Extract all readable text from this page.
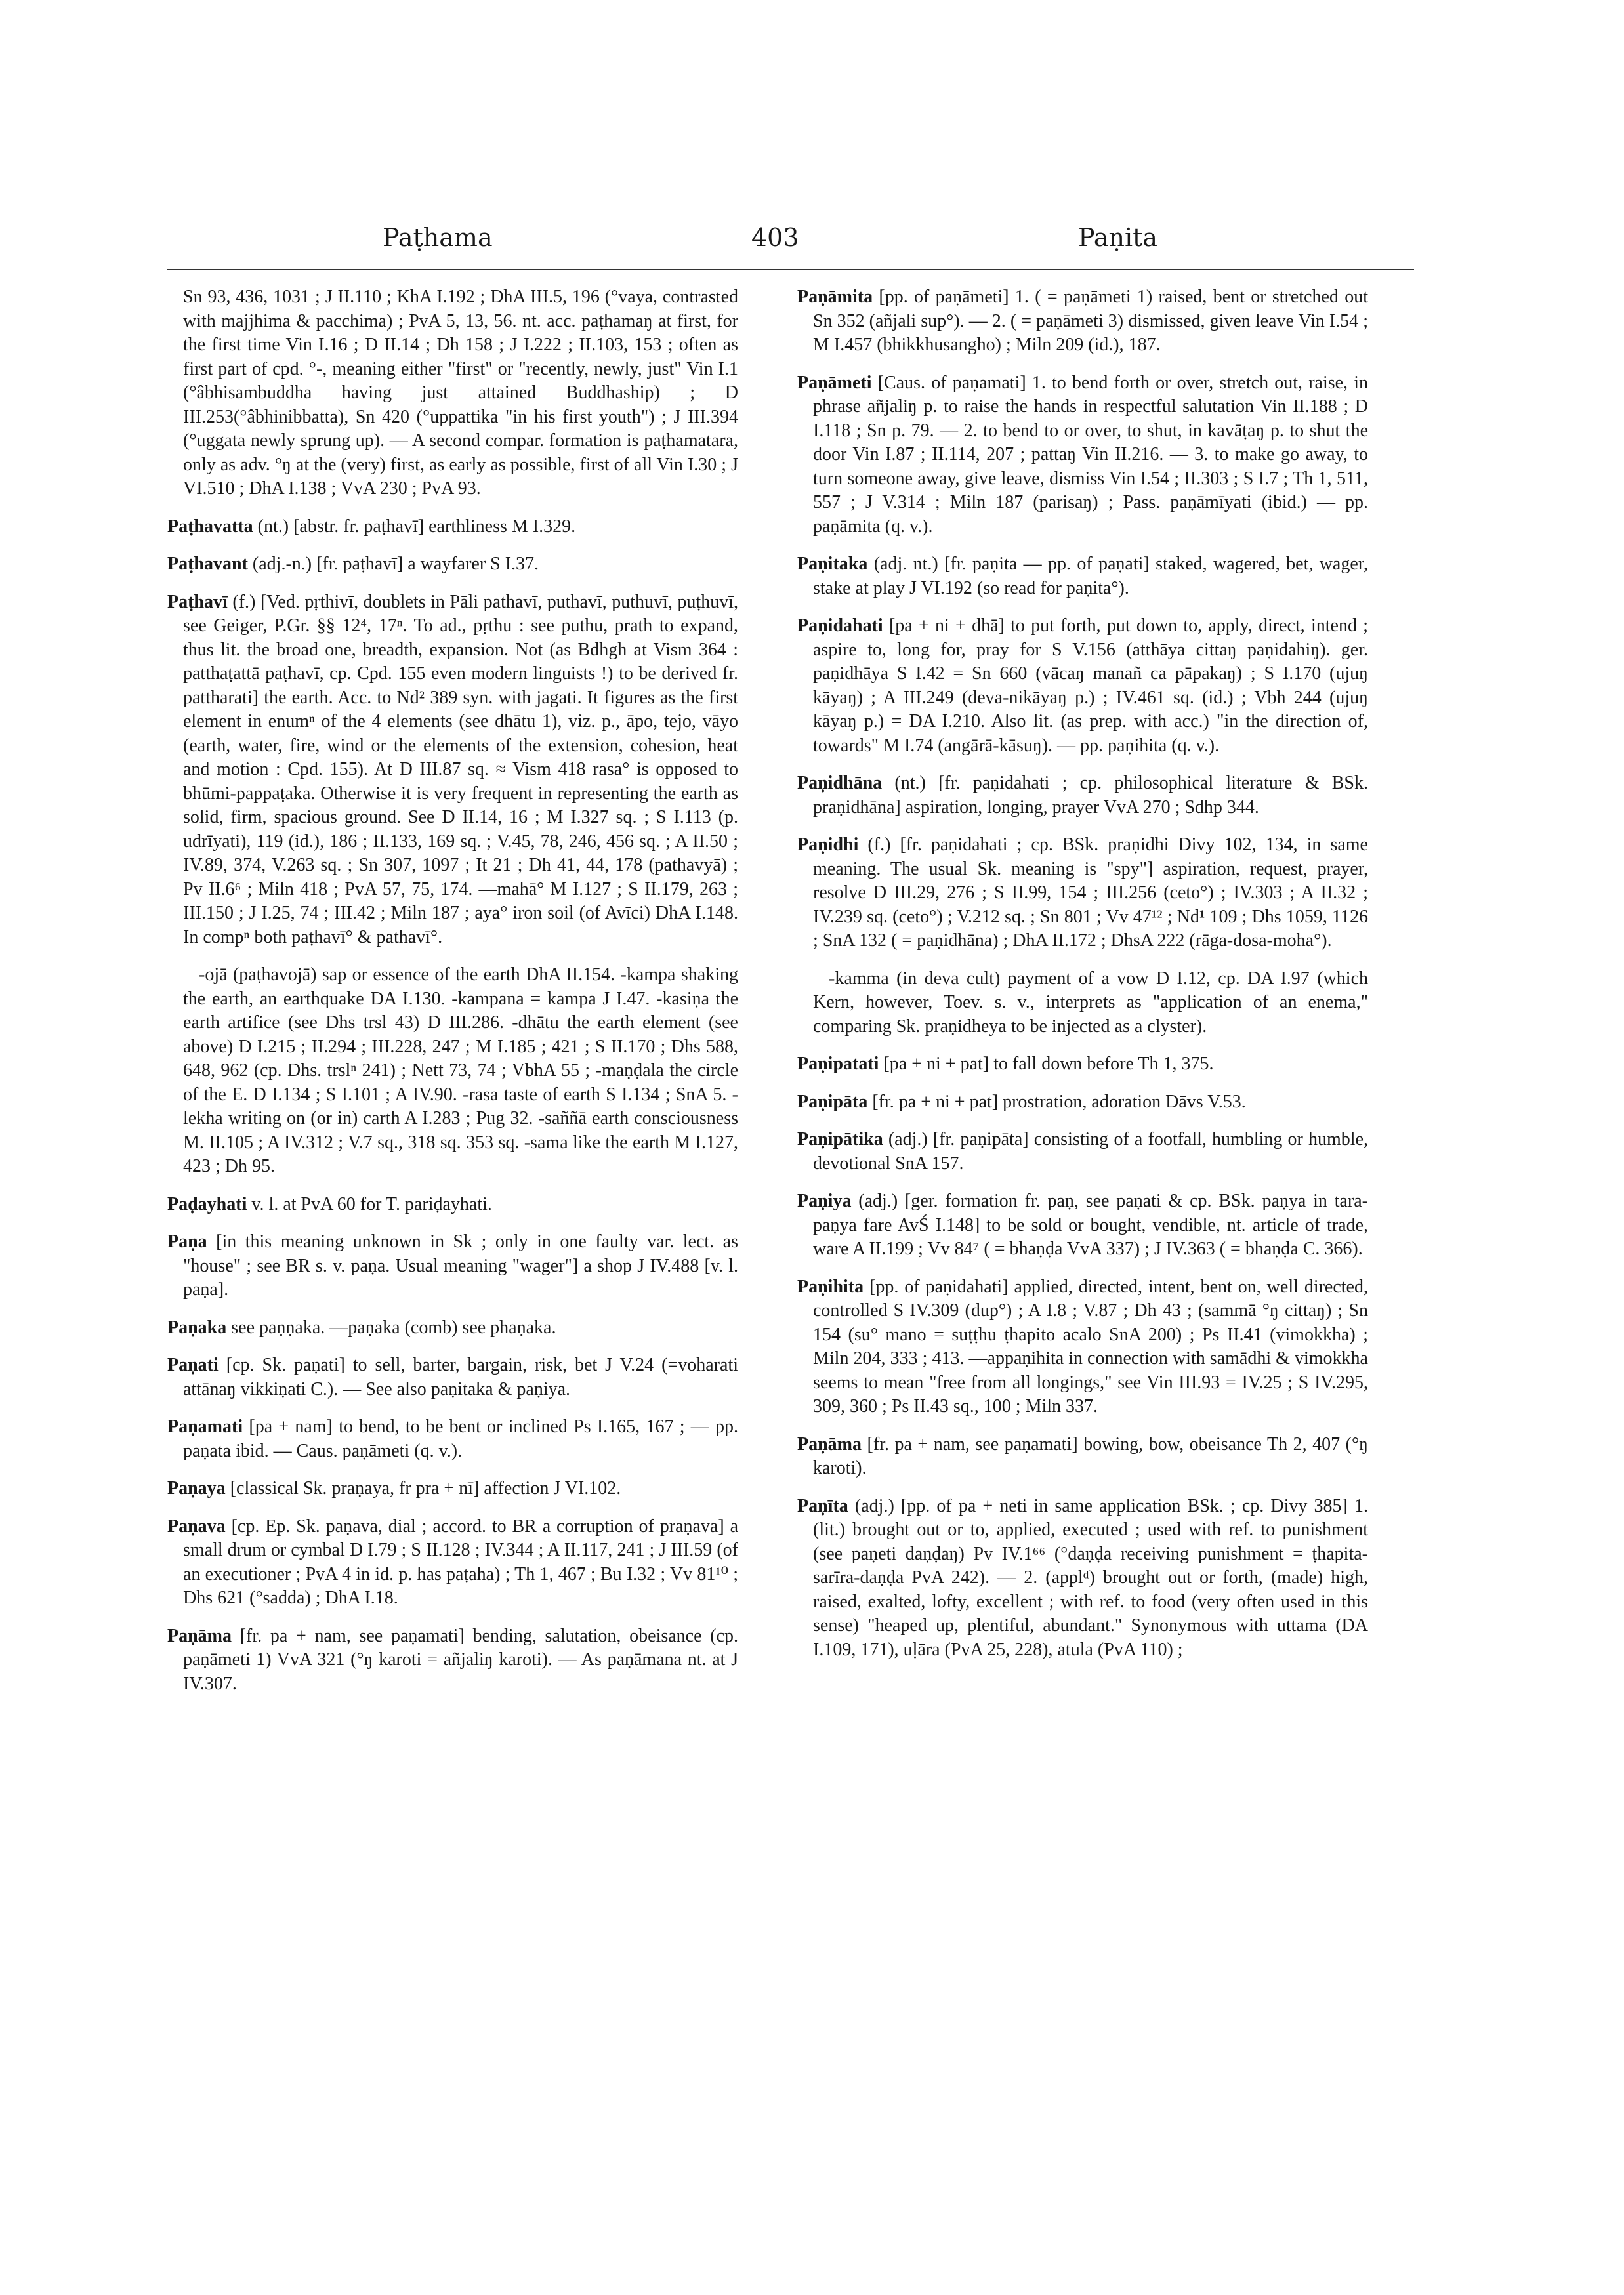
Paṭhama	403	Paṇita

Sn 93, 436, 1031 ; J II.110 ; KhA I.192 ; DhA III.5, 196 (°vaya, contrasted with majjhima & pacchima) ; PvA 5, 13, 56. nt. acc. paṭhamaŋ at first, for the first time Vin I.16 ; D II.14 ; Dh 158 ; J I.222 ; II.103, 153 ; often as first part of cpd. °-, meaning either "first" or "recently, newly, just" Vin I.1 (°âbhisambuddha having just attained Buddhaship) ; D III.253(°âbhinibbatta), Sn 420 (°uppattika "in his first youth") ; J III.394 (°uggata newly sprung up). — A second compar. formation is paṭhamatara, only as adv. °ŋ at the (very) first, as early as possible, first of all Vin I.30 ; J VI.510 ; DhA I.138 ; VvA 230 ; PvA 93.

Paṭhavatta (nt.) [abstr. fr. paṭhavī] earthliness M I.329.

Paṭhavant (adj.-n.) [fr. paṭhavī] a wayfarer S I.37.

Paṭhavī (f.) [Ved. pṛthivī, doublets in Pāli pathavī, puthavī, puthuvī, puṭhuvī, see Geiger, P.Gr. §§ 12⁴, 17ⁿ. To ad., pṛthu : see puthu, prath to expand, thus lit. the broad one, breadth, expansion. Not (as Bdhgh at Vism 364 : patthaṭattā paṭhavī, cp. Cpd. 155 even modern linguists !) to be derived fr. pattharati] the earth. Acc. to Nd² 389 syn. with jagati. It figures as the first element in enumⁿ of the 4 elements (see dhātu 1), viz. p., āpo, tejo, vāyo (earth, water, fire, wind or the elements of the extension, cohesion, heat and motion : Cpd. 155). At D III.87 sq. ≈ Vism 418 rasa° is opposed to bhūmi-pappaṭaka. Otherwise it is very frequent in representing the earth as solid, firm, spacious ground. See D II.14, 16 ; M I.327 sq. ; S I.113 (p. udrīyati), 119 (id.), 186 ; II.133, 169 sq. ; V.45, 78, 246, 456 sq. ; A II.50 ; IV.89, 374, V.263 sq. ; Sn 307, 1097 ; It 21 ; Dh 41, 44, 178 (pathavyā) ; Pv II.6⁶ ; Miln 418 ; PvA 57, 75, 174. —mahā° M I.127 ; S II.179, 263 ; III.150 ; J I.25, 74 ; III.42 ; Miln 187 ; aya° iron soil (of Avīci) DhA I.148. In compⁿ both paṭhavī° & pathavī°.

-ojā (paṭhavojā) sap or essence of the earth DhA II.154. -kampa shaking the earth, an earthquake DA I.130. -kampana = kampa J I.47. -kasiṇa the earth artifice (see Dhs trsl 43) D III.286. -dhātu the earth element (see above) D I.215 ; II.294 ; III.228, 247 ; M I.185 ; 421 ; S II.170 ; Dhs 588, 648, 962 (cp. Dhs. trslⁿ 241) ; Nett 73, 74 ; VbhA 55 ; -maṇḍala the circle of the E. D I.134 ; S I.101 ; A IV.90. -rasa taste of earth S I.134 ; SnA 5. -lekha writing on (or in) carth A I.283 ; Pug 32. -saññā earth consciousness M. II.105 ; A IV.312 ; V.7 sq., 318 sq. 353 sq. -sama like the earth M I.127, 423 ; Dh 95.

Paḍayhati v. l. at PvA 60 for T. pariḍayhati.

Paṇa [in this meaning unknown in Sk ; only in one faulty var. lect. as "house" ; see BR s. v. paṇa. Usual meaning "wager"] a shop J IV.488 [v. l. paṇa].

Paṇaka see paṇṇaka. —paṇaka (comb) see phaṇaka.

Paṇati [cp. Sk. paṇati] to sell, barter, bargain, risk, bet J V.24 (=voharati attānaŋ vikkiṇati C.). — See also paṇitaka & paṇiya.

Paṇamati [pa + nam] to bend, to be bent or inclined Ps I.165, 167 ; — pp. paṇata ibid. — Caus. paṇāmeti (q. v.).

Paṇaya [classical Sk. praṇaya, fr pra + nī] affection J VI.102.

Paṇava [cp. Ep. Sk. paṇava, dial ; accord. to BR a corruption of praṇava] a small drum or cymbal D I.79 ; S II.128 ; IV.344 ; A II.117, 241 ; J III.59 (of an executioner ; PvA 4 in id. p. has paṭaha) ; Th 1, 467 ; Bu I.32 ; Vv 81¹⁰ ; Dhs 621 (°sadda) ; DhA I.18.

Paṇāma [fr. pa + nam, see paṇamati] bending, salutation, obeisance (cp. paṇāmeti 1) VvA 321 (°ŋ karoti = añjaliŋ karoti). — As paṇāmana nt. at J IV.307.

Paṇāmita [pp. of paṇāmeti] 1. ( = paṇāmeti 1) raised, bent or stretched out Sn 352 (añjali sup°). — 2. ( = paṇāmeti 3) dismissed, given leave Vin I.54 ; M I.457 (bhikkhusangho) ; Miln 209 (id.), 187.

Paṇāmeti [Caus. of paṇamati] 1. to bend forth or over, stretch out, raise, in phrase añjaliŋ p. to raise the hands in respectful salutation Vin II.188 ; D I.118 ; Sn p. 79. — 2. to bend to or over, to shut, in kavāṭaŋ p. to shut the door Vin I.87 ; II.114, 207 ; pattaŋ Vin II.216. — 3. to make go away, to turn someone away, give leave, dismiss Vin I.54 ; II.303 ; S I.7 ; Th 1, 511, 557 ; J V.314 ; Miln 187 (parisaŋ) ; Pass. paṇāmīyati (ibid.) — pp. paṇāmita (q. v.).

Paṇitaka (adj. nt.) [fr. paṇita — pp. of paṇati] staked, wagered, bet, wager, stake at play J VI.192 (so read for paṇita°).

Paṇidahati [pa + ni + dhā] to put forth, put down to, apply, direct, intend ; aspire to, long for, pray for S V.156 (atthāya cittaŋ paṇidahiŋ). ger. paṇidhāya S I.42 = Sn 660 (vācaŋ manañ ca pāpakaŋ) ; S I.170 (ujuŋ kāyaŋ) ; A III.249 (deva-nikāyaŋ p.) ; IV.461 sq. (id.) ; Vbh 244 (ujuŋ kāyaŋ p.) = DA I.210. Also lit. (as prep. with acc.) "in the direction of, towards" M I.74 (angārā-kāsuŋ). — pp. paṇihita (q. v.).

Paṇidhāna (nt.) [fr. paṇidahati ; cp. philosophical literature & BSk. praṇidhāna] aspiration, longing, prayer VvA 270 ; Sdhp 344.

Paṇidhi (f.) [fr. paṇidahati ; cp. BSk. praṇidhi Divy 102, 134, in same meaning. The usual Sk. meaning is "spy"] aspiration, request, prayer, resolve D III.29, 276 ; S II.99, 154 ; III.256 (ceto°) ; IV.303 ; A II.32 ; IV.239 sq. (ceto°) ; V.212 sq. ; Sn 801 ; Vv 47¹² ; Nd¹ 109 ; Dhs 1059, 1126 ; SnA 132 ( = paṇidhāna) ; DhA II.172 ; DhsA 222 (rāga-dosa-moha°).

-kamma (in deva cult) payment of a vow D I.12, cp. DA I.97 (which Kern, however, Toev. s. v., interprets as "application of an enema," comparing Sk. praṇidheya to be injected as a clyster).

Paṇipatati [pa + ni + pat] to fall down before Th 1, 375.

Paṇipāta [fr. pa + ni + pat] prostration, adoration Dāvs V.53.

Paṇipātika (adj.) [fr. paṇipāta] consisting of a footfall, humbling or humble, devotional SnA 157.

Paṇiya (adj.) [ger. formation fr. paṇ, see paṇati & cp. BSk. paṇya in tara-paṇya fare AvŚ I.148] to be sold or bought, vendible, nt. article of trade, ware A II.199 ; Vv 84⁷ ( = bhaṇḍa VvA 337) ; J IV.363 ( = bhaṇḍa C. 366).

Paṇihita [pp. of paṇidahati] applied, directed, intent, bent on, well directed, controlled S IV.309 (dup°) ; A I.8 ; V.87 ; Dh 43 ; (sammā °ŋ cittaŋ) ; Sn 154 (su° mano = suṭṭhu ṭhapito acalo SnA 200) ; Ps II.41 (vimokkha) ; Miln 204, 333 ; 413. —appaṇihita in connection with samādhi & vimokkha seems to mean "free from all longings," see Vin III.93 = IV.25 ; S IV.295, 309, 360 ; Ps II.43 sq., 100 ; Miln 337.

Paṇāma [fr. pa + nam, see paṇamati] bowing, bow, obeisance Th 2, 407 (°ŋ karoti).

Paṇīta (adj.) [pp. of pa + neti in same application BSk. ; cp. Divy 385] 1. (lit.) brought out or to, applied, executed ; used with ref. to punishment (see paṇeti daṇḍaŋ) Pv IV.1⁶⁶ (°daṇḍa receiving punishment = ṭhapita-sarīra-daṇḍa PvA 242). — 2. (applᵈ) brought out or forth, (made) high, raised, exalted, lofty, excellent ; with ref. to food (very often used in this sense) "heaped up, plentiful, abundant." Synonymous with uttama (DA I.109, 171), uḷāra (PvA 25, 228), atula (PvA 110) ;
